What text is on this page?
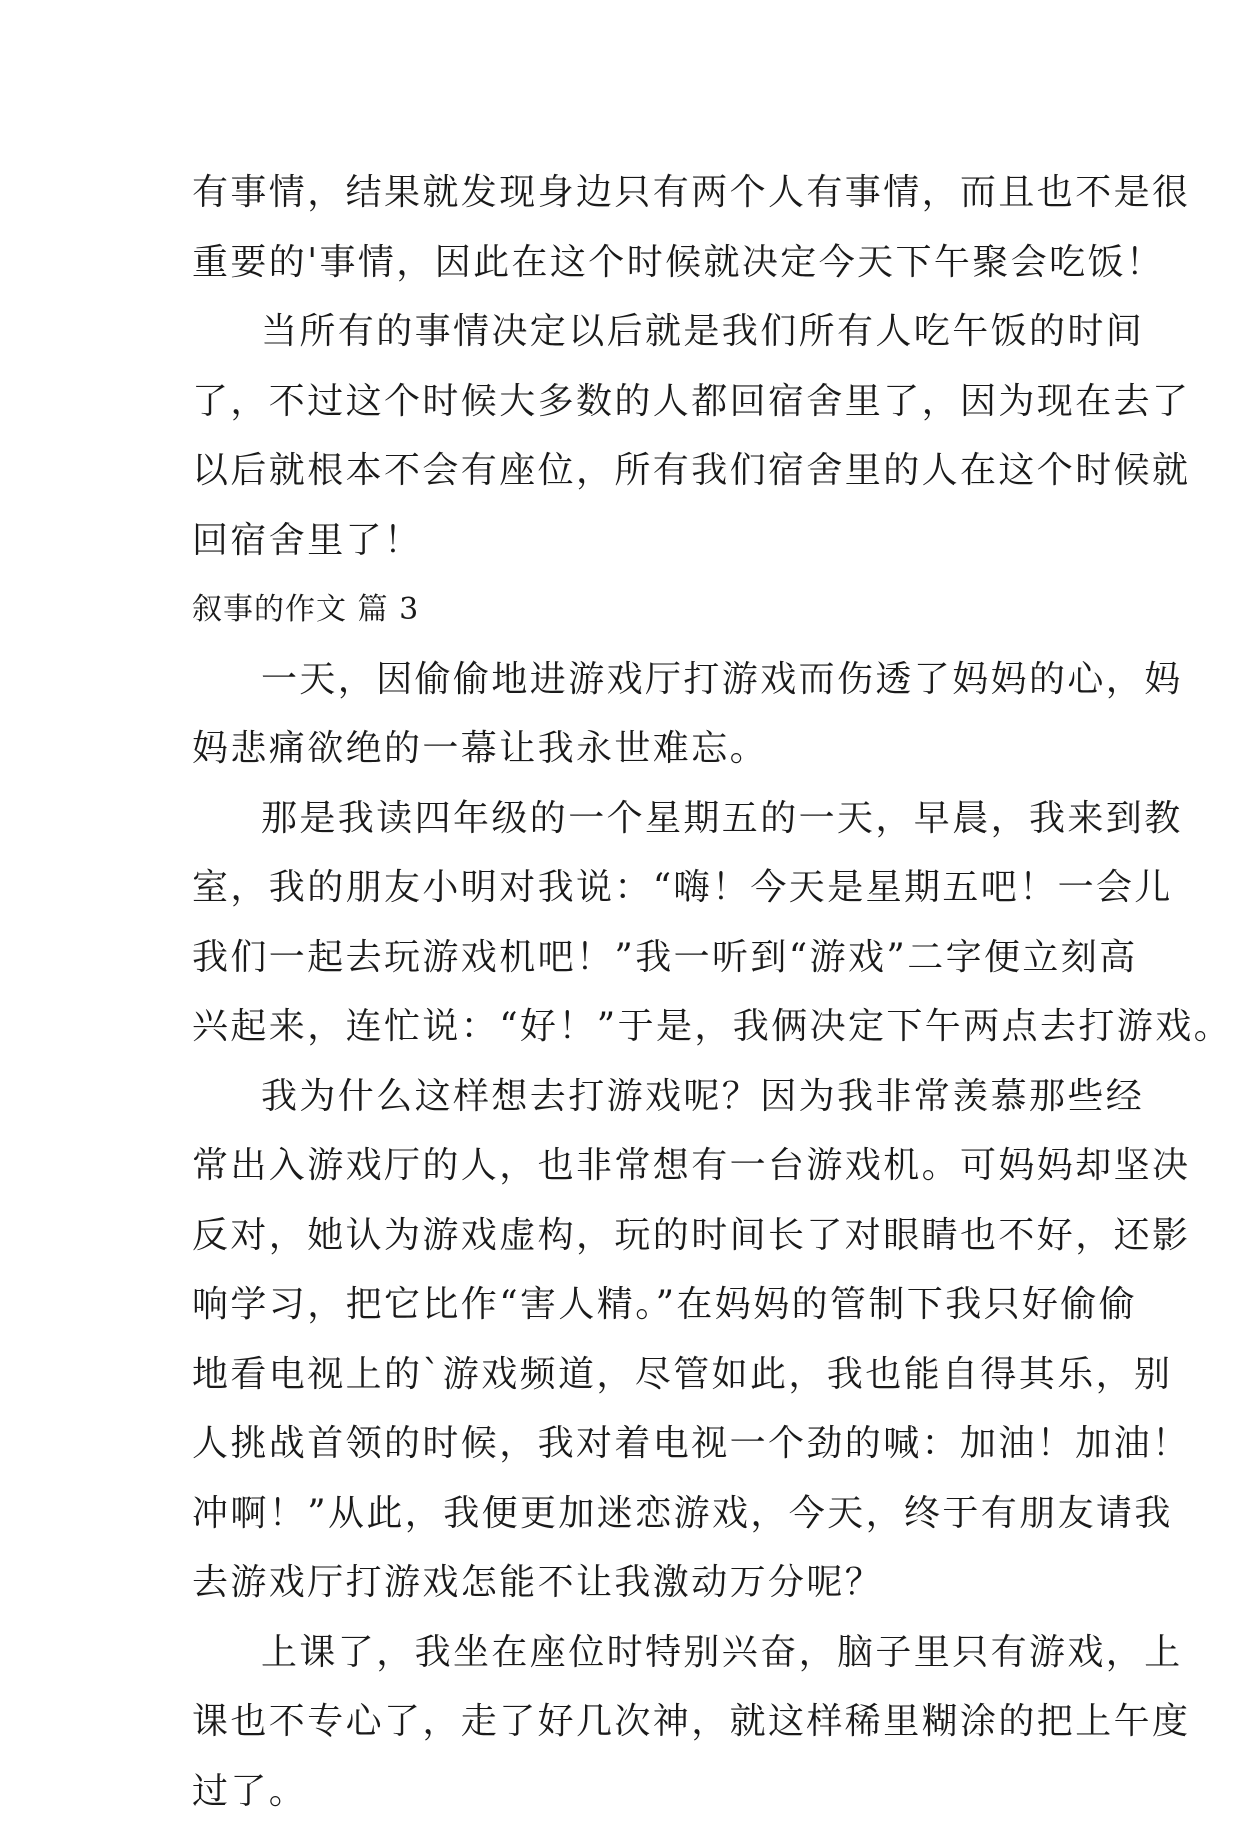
有事情，结果就发现身边只有两个人有事情，而且也不是很
重要的'事情，因此在这个时候就决定今天下午聚会吃饭！
当所有的事情决定以后就是我们所有人吃午饭的时间
了，不过这个时候大多数的人都回宿舍里了，因为现在去了
以后就根本不会有座位，所有我们宿舍里的人在这个时候就
回宿舍里了！
叙事的作文 篇 3
一天，因偷偷地进游戏厅打游戏而伤透了妈妈的心，妈
妈悲痛欲绝的一幕让我永世难忘。
那是我读四年级的一个星期五的一天，早晨，我来到教
室，我的朋友小明对我说：“嗨！今天是星期五吧！一会儿
我们一起去玩游戏机吧！”我一听到“游戏”二字便立刻高
兴起来，连忙说：“好！”于是，我俩决定下午两点去打游戏。
我为什么这样想去打游戏呢？因为我非常羡慕那些经
常出入游戏厅的人，也非常想有一台游戏机。可妈妈却坚决
反对，她认为游戏虚构，玩的时间长了对眼睛也不好，还影
响学习，把它比作“害人精。”在妈妈的管制下我只好偷偷
地看电视上的`游戏频道，尽管如此，我也能自得其乐，别
人挑战首领的时候，我对着电视一个劲的喊：加油！加油！
冲啊！”从此，我便更加迷恋游戏，今天，终于有朋友请我
去游戏厅打游戏怎能不让我激动万分呢？
上课了，我坐在座位时特别兴奋，脑子里只有游戏，上
课也不专心了，走了好几次神，就这样稀里糊涂的把上午度
过了。
